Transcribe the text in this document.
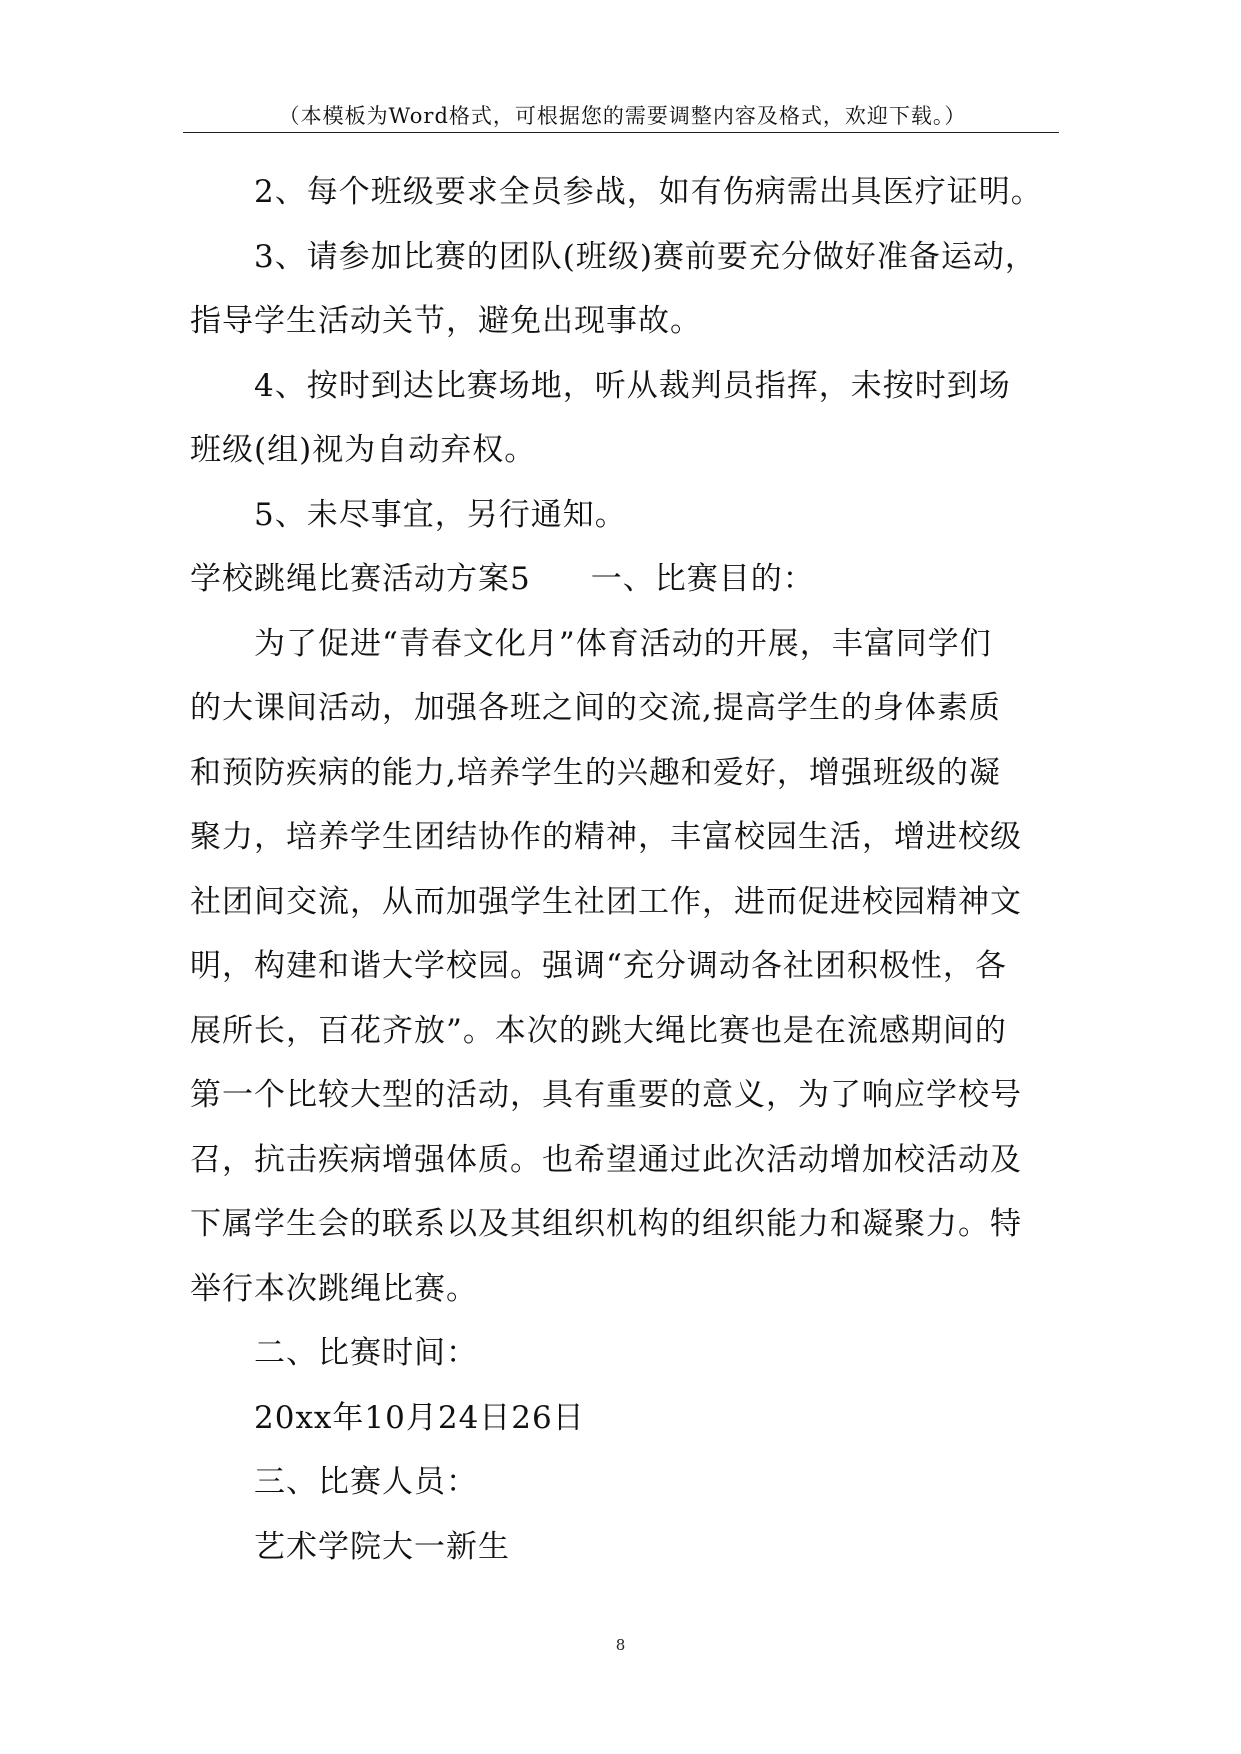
（本模板为Word格式，可根据您的需要调整内容及格式，欢迎下载。）
2、每个班级要求全员参战，如有伤病需出具医疗证明。
3、请参加比赛的团队(班级)赛前要充分做好准备运动，
指导学生活动关节，避免出现事故。
4、按时到达比赛场地，听从裁判员指挥，未按时到场
班级(组)视为自动弃权。
5、未尽事宜，另行通知。
学校跳绳比赛活动方案5 一、比赛目的：
为了促进“青春文化月”体育活动的开展，丰富同学们
的大课间活动，加强各班之间的交流,提高学生的身体素质
和预防疾病的能力,培养学生的兴趣和爱好，增强班级的凝
聚力，培养学生团结协作的精神，丰富校园生活，增进校级
社团间交流，从而加强学生社团工作，进而促进校园精神文
明，构建和谐大学校园。强调“充分调动各社团积极性，各
展所长，百花齐放”。本次的跳大绳比赛也是在流感期间的
第一个比较大型的活动，具有重要的意义，为了响应学校号
召，抗击疾病增强体质。也希望通过此次活动增加校活动及
下属学生会的联系以及其组织机构的组织能力和凝聚力。特
举行本次跳绳比赛。
二、比赛时间：
20xx年10月24日26日
三、比赛人员：
艺术学院大一新生
8
